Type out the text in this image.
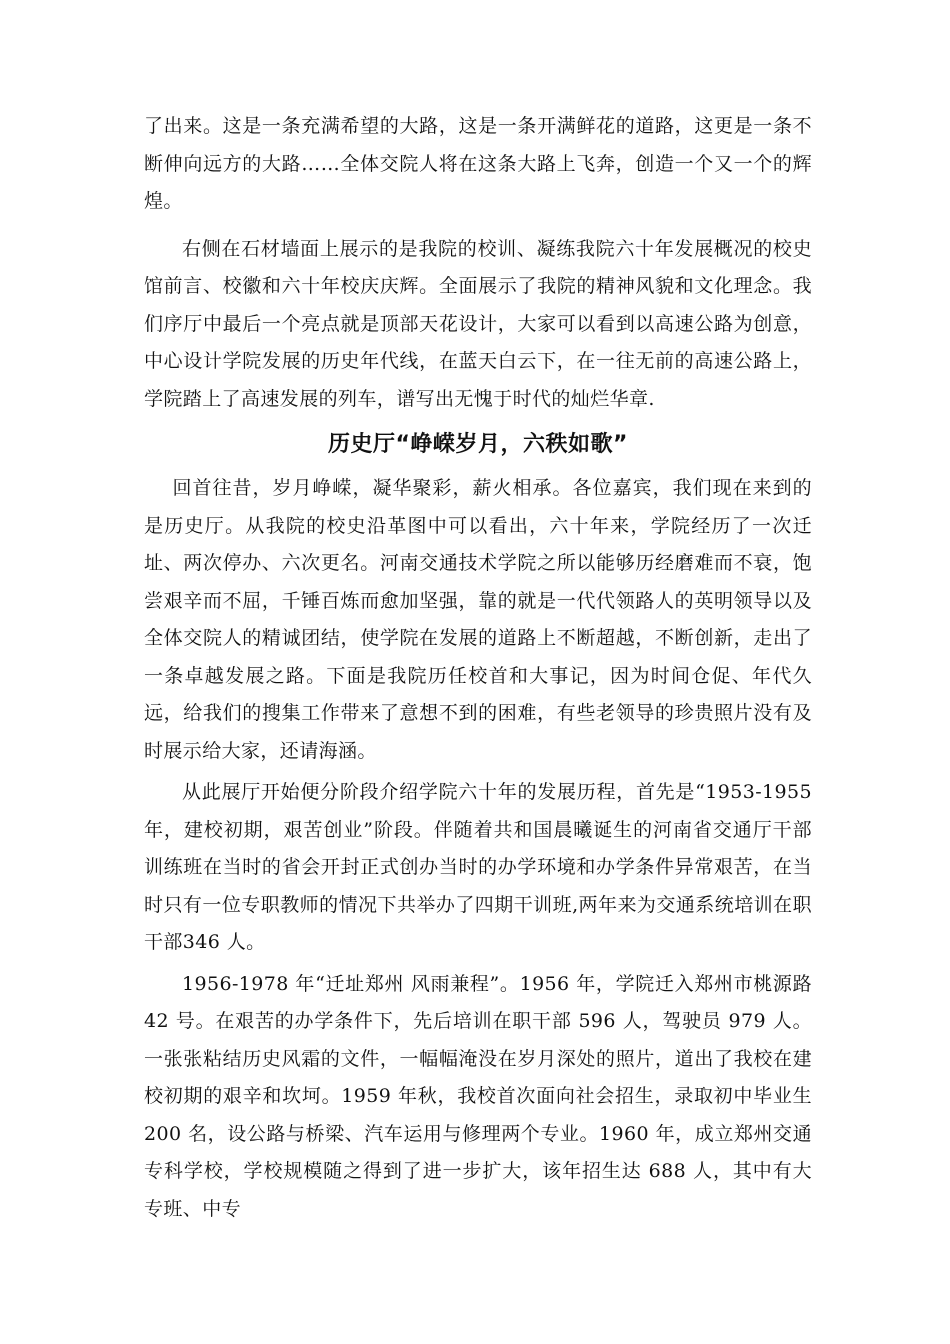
了出来。这是一条充满希望的大路，这是一条开满鲜花的道路，这更是一条不断伸向远方的大路……全体交院人将在这条大路上飞奔，创造一个又一个的辉煌。

右侧在石材墙面上展示的是我院的校训、凝练我院六十年发展概况的校史馆前言、校徽和六十年校庆庆辉。全面展示了我院的精神风貌和文化理念。我们序厅中最后一个亮点就是顶部天花设计，大家可以看到以高速公路为创意，中心设计学院发展的历史年代线，在蓝天白云下，在一往无前的高速公路上，学院踏上了高速发展的列车，谱写出无愧于时代的灿烂华章.

历史厅“峥嵘岁月，六秩如歌”

回首往昔，岁月峥嵘，凝华聚彩，薪火相承。各位嘉宾，我们现在来到的是历史厅。从我院的校史沿革图中可以看出，六十年来，学院经历了一次迁址、两次停办、六次更名。河南交通技术学院之所以能够历经磨难而不衰，饱尝艰辛而不屈，千锤百炼而愈加坚强，靠的就是一代代领路人的英明领导以及全体交院人的精诚团结，使学院在发展的道路上不断超越，不断创新，走出了一条卓越发展之路。下面是我院历任校首和大事记，因为时间仓促、年代久远，给我们的搜集工作带来了意想不到的困难，有些老领导的珍贵照片没有及时展示给大家，还请海涵。

从此展厅开始便分阶段介绍学院六十年的发展历程，首先是“1953-1955 年，建校初期，艰苦创业”阶段。伴随着共和国晨曦诞生的河南省交通厅干部训练班在当时的省会开封正式创办当时的办学环境和办学条件异常艰苦，在当时只有一位专职教师的情况下共举办了四期干训班,两年来为交通系统培训在职干部346 人。

1956-1978 年“迁址郑州 风雨兼程”。1956 年，学院迁入郑州市桃源路 42 号。在艰苦的办学条件下，先后培训在职干部 596 人，驾驶员 979 人。一张张粘结历史风霜的文件，一幅幅淹没在岁月深处的照片，道出了我校在建校初期的艰辛和坎坷。1959 年秋，我校首次面向社会招生，录取初中毕业生 200 名，设公路与桥梁、汽车运用与修理两个专业。1960 年，成立郑州交通专科学校，学校规模随之得到了进一步扩大，该年招生达 688 人，其中有大专班、中专
